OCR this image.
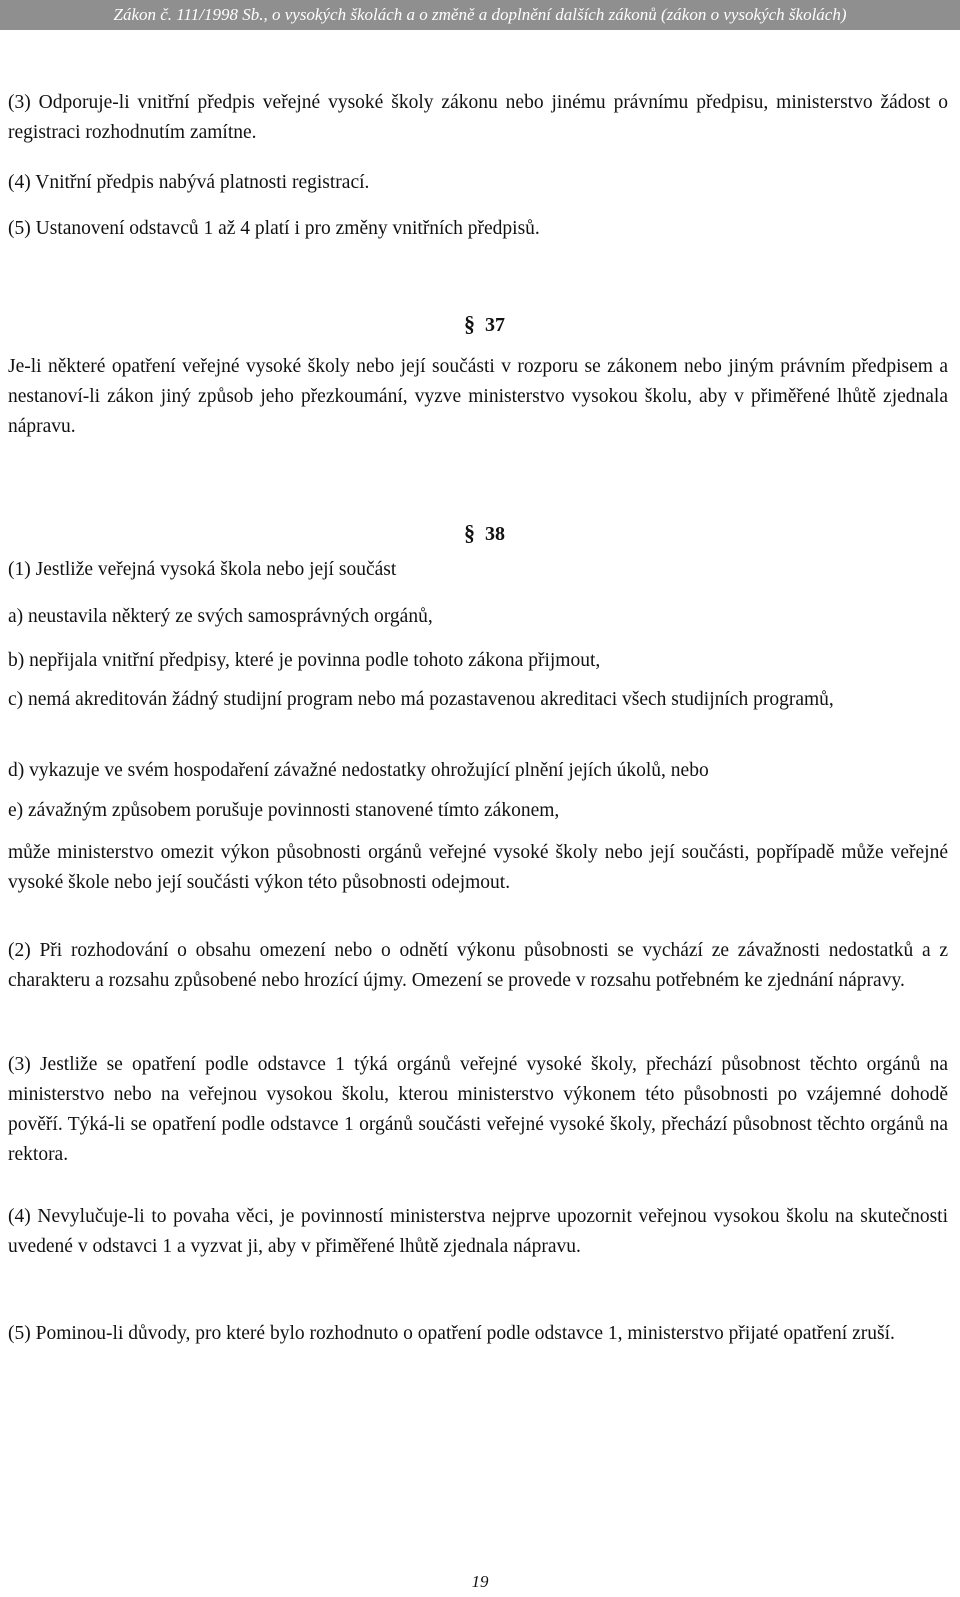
Zákon č. 111/1998 Sb., o vysokých školách a o změně a doplnění dalších zákonů (zákon o vysokých školách)

(3) Odporuje-li vnitřní předpis veřejné vysoké školy zákonu nebo jinému právnímu předpisu, ministerstvo žádost o registraci rozhodnutím zamítne.

(4) Vnitřní předpis nabývá platnosti registrací.

(5) Ustanovení odstavců 1 až 4 platí i pro změny vnitřních předpisů.

§ 37

Je-li některé opatření veřejné vysoké školy nebo její součásti v rozporu se zákonem nebo jiným právním předpisem a nestanoví-li zákon jiný způsob jeho přezkoumání, vyzve ministerstvo vysokou školu, aby v přiměřené lhůtě zjednala nápravu.

§ 38

(1) Jestliže veřejná vysoká škola nebo její součást

a) neustavila některý ze svých samosprávných orgánů,

b) nepřijala vnitřní předpisy, které je povinna podle tohoto zákona přijmout,

c) nemá akreditován žádný studijní program nebo má pozastavenou akreditaci všech studijních programů,

d) vykazuje ve svém hospodaření závažné nedostatky ohrožující plnění jejích úkolů, nebo

e) závažným způsobem porušuje povinnosti stanovené tímto zákonem,

může ministerstvo omezit výkon působnosti orgánů veřejné vysoké školy nebo její součásti, popřípadě může veřejné vysoké škole nebo její součásti výkon této působnosti odejmout.

(2) Při rozhodování o obsahu omezení nebo o odnětí výkonu působnosti se vychází ze závažnosti nedostatků a z charakteru a rozsahu způsobené nebo hrozící újmy. Omezení se provede v rozsahu potřebném ke zjednání nápravy.

(3) Jestliže se opatření podle odstavce 1 týká orgánů veřejné vysoké školy, přechází působnost těchto orgánů na ministerstvo nebo na veřejnou vysokou školu, kterou ministerstvo výkonem této působnosti po vzájemné dohodě pověří. Týká-li se opatření podle odstavce 1 orgánů součásti veřejné vysoké školy, přechází působnost těchto orgánů na rektora.

(4) Nevylučuje-li to povaha věci, je povinností ministerstva nejprve upozornit veřejnou vysokou školu na skutečnosti uvedené v odstavci 1 a vyzvat ji, aby v přiměřené lhůtě zjednala nápravu.

(5) Pominou-li důvody, pro které bylo rozhodnuto o opatření podle odstavce 1, ministerstvo přijaté opatření zruší.

19
